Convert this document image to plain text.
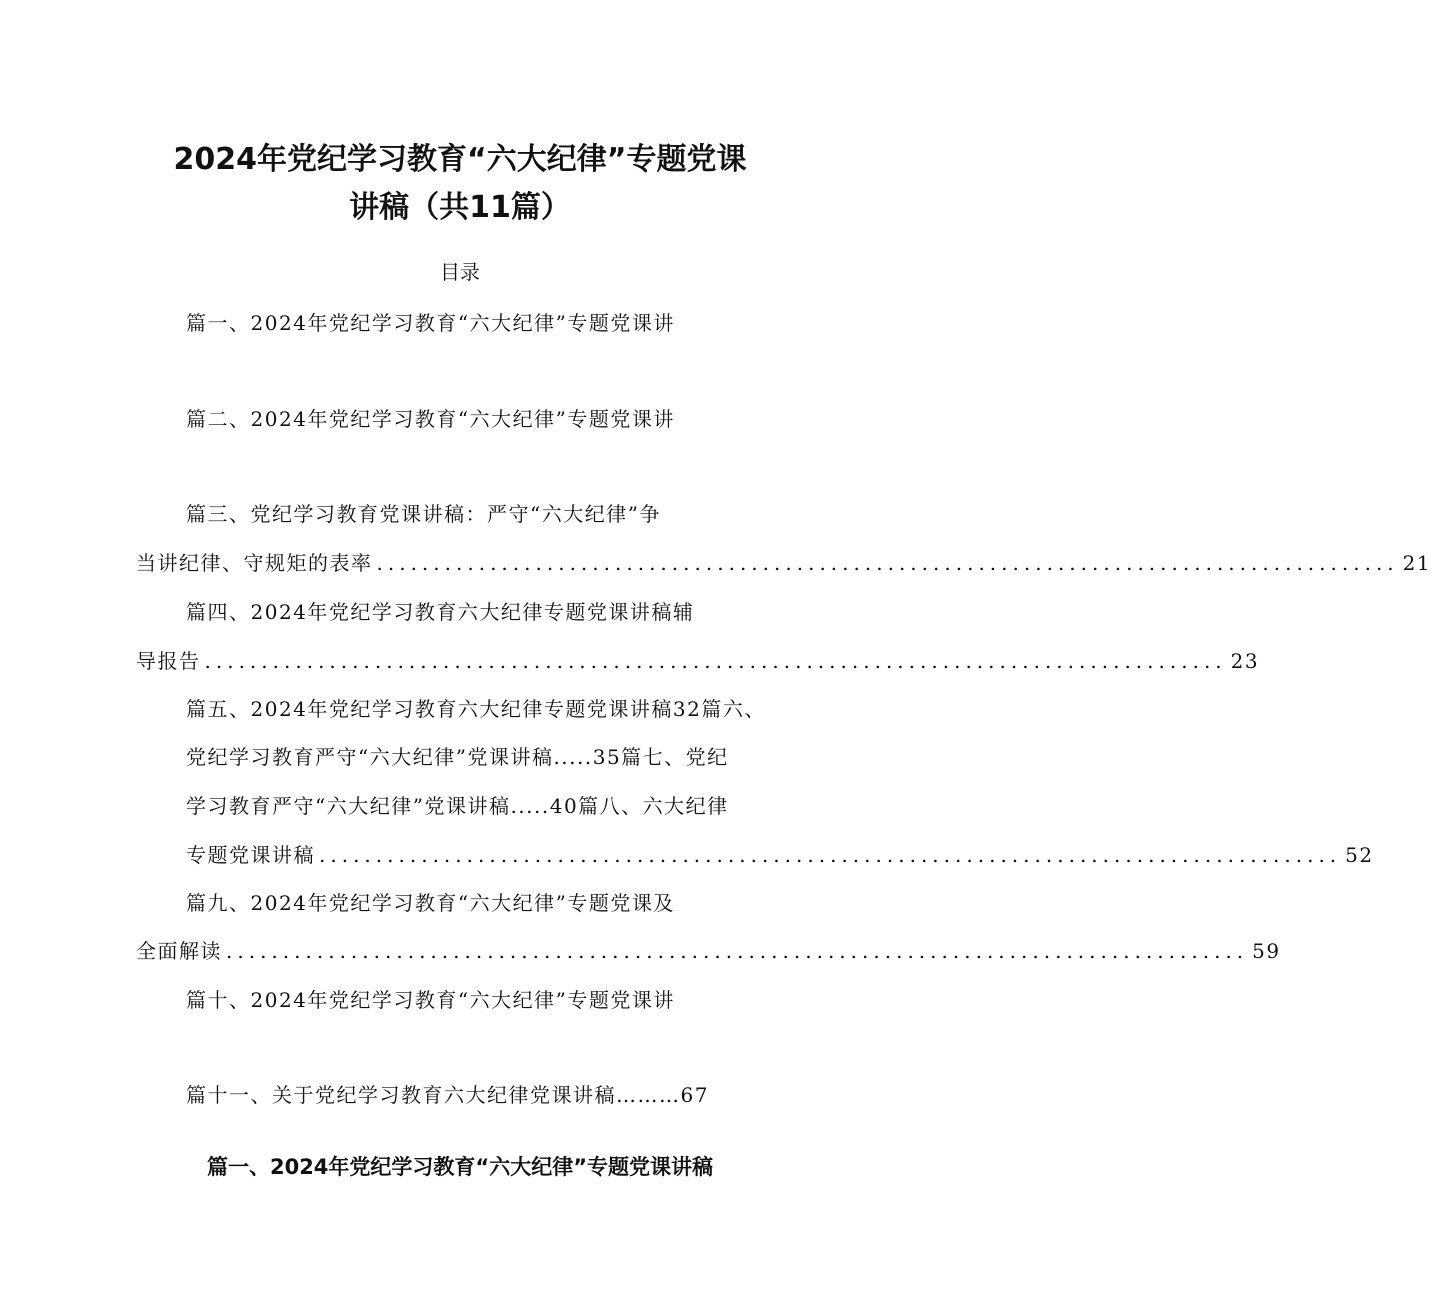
2024年党纪学习教育“六大纪律”专题党课
讲稿（共11篇）
目录
篇一、2024年党纪学习教育“六大纪律”专题党课讲
篇二、2024年党纪学习教育“六大纪律”专题党课讲
篇三、党纪学习教育党课讲稿：严守“六大纪律”争
当讲纪律、守规矩的表率 .......................................................................................... 21
篇四、2024年党纪学习教育六大纪律专题党课讲稿辅
导报告 .......................................................................................... 23
篇五、2024年党纪学习教育六大纪律专题党课讲稿32篇六、
党纪学习教育严守“六大纪律”党课讲稿.....35篇七、党纪
学习教育严守“六大纪律”党课讲稿.....40篇八、六大纪律
专题党课讲稿 .......................................................................................... 52
篇九、2024年党纪学习教育“六大纪律”专题党课及
全面解读 .......................................................................................... 59
篇十、2024年党纪学习教育“六大纪律”专题党课讲
篇十一、关于党纪学习教育六大纪律党课讲稿………67
篇一、2024年党纪学习教育“六大纪律”专题党课讲稿
